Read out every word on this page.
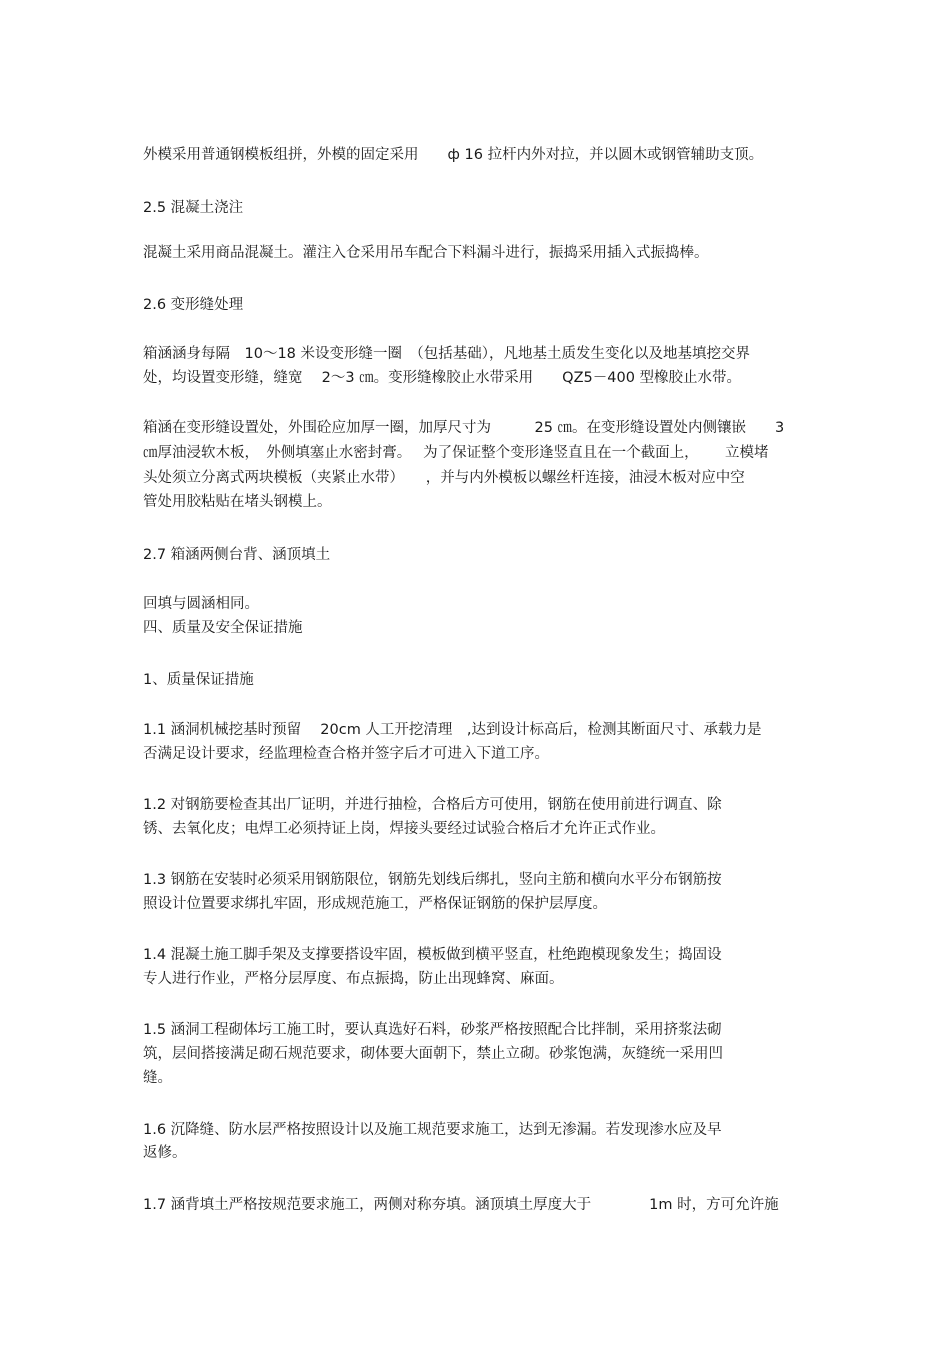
外模采用普通钢模板组拼，外模的固定采用　　ф 16 拉杆内外对拉，并以圆木或钢管辅助支顶。
2.5 混凝土浇注
混凝土采用商品混凝土。灌注入仓采用吊车配合下料漏斗进行，振捣采用插入式振捣棒。
2.6 变形缝处理
箱涵涵身每隔　10～18 米设变形缝一圈　（包括基础），凡地基土质发生变化以及地基填挖交界
处，均设置变形缝，缝宽　 2～3 ㎝。变形缝橡胶止水带采用　　QZ5－400 型橡胶止水带。
箱涵在变形缝设置处，外围砼应加厚一圈，加厚尺寸为　　　25 ㎝。在变形缝设置处内侧镶嵌　　3
㎝厚油浸软木板，　外侧填塞止水密封膏。　 为了保证整个变形逢竖直且在一个截面上，　　 立模堵
头处须立分离式两块模板（夹紧止水带）　　，并与内外模板以螺丝杆连接，油浸木板对应中空
管处用胶粘贴在堵头钢模上。
2.7 箱涵两侧台背、涵顶填土
回填与圆涵相同。
四、质量及安全保证措施
1、质量保证措施
1.1 涵洞机械挖基时预留　 20cm 人工开挖清理　,达到设计标高后，检测其断面尺寸、承载力是
否满足设计要求，经监理检查合格并签字后才可进入下道工序。
1.2 对钢筋要检查其出厂证明，并进行抽检，合格后方可使用，钢筋在使用前进行调直、除
锈、去氧化皮；电焊工必须持证上岗，焊接头要经过试验合格后才允许正式作业。
1.3 钢筋在安装时必须采用钢筋限位，钢筋先划线后绑扎，竖向主筋和横向水平分布钢筋按
照设计位置要求绑扎牢固，形成规范施工，严格保证钢筋的保护层厚度。
1.4 混凝土施工脚手架及支撑要搭设牢固，模板做到横平竖直，杜绝跑模现象发生；捣固设
专人进行作业，严格分层厚度、布点振捣，防止出现蜂窝、麻面。
1.5 涵洞工程砌体圬工施工时，要认真选好石料，砂浆严格按照配合比拌制，采用挤浆法砌
筑，层间搭接满足砌石规范要求，砌体要大面朝下，禁止立砌。砂浆饱满，灰缝统一采用凹
缝。
1.6 沉降缝、防水层严格按照设计以及施工规范要求施工，达到无渗漏。若发现渗水应及早
返修。
1.7 涵背填土严格按规范要求施工，两侧对称夯填。涵顶填土厚度大于　　　　1m 时，方可允许施
